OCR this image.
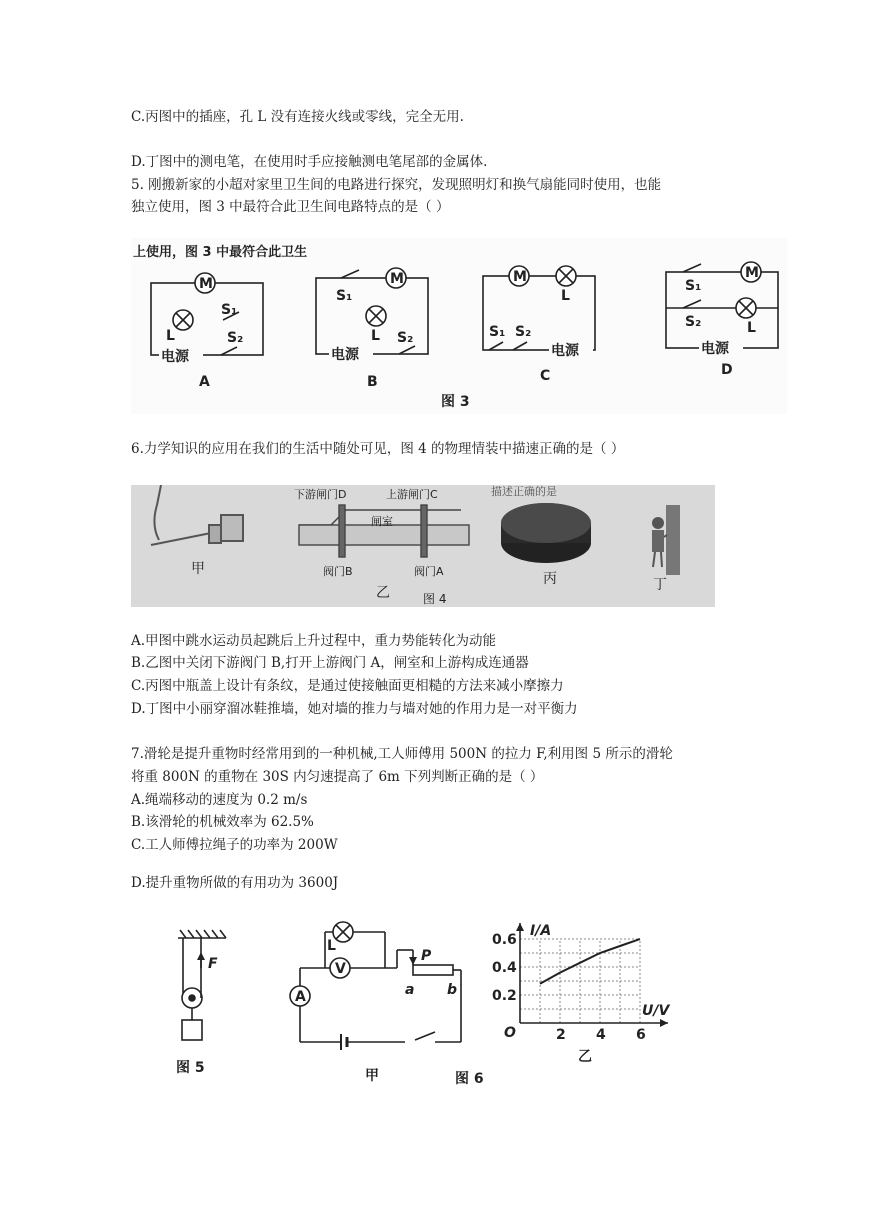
C.丙图中的插座，孔 L 没有连接火线或零线，完全无用.
D.丁图中的测电笔，在使用时手应接触测电笔尾部的金属体.
5. 刚搬新家的小超对家里卫生间的电路进行探究，发现照明灯和换气扇能同时使用，也能
独立使用，图 3 中最符合此卫生间电路特点的是（ ）
上使用，图 3 中最符合此卫生
M
S₁
L	S₂
电源
A
M
S₁
L S₂
电源
B
M
L
S₁ S₂
电源
C
M
S₁
S₂	L
电源
D
图 3
6.力学知识的应用在我们的生活中随处可见，图 4 的物理情装中描速正确的是（ ）
甲
下游闸门D	上游闸门C
闸室
阀门B	阀门A
乙
描述正确的是
丙	丁
图 4
A.甲图中跳水运动员起跳后上升过程中，重力势能转化为动能
B.乙图中关闭下游阀门 B,打开上游阀门 A，闸室和上游构成连通器
C.丙图中瓶盖上设计有条纹，是通过使接触面更相糙的方法来减小摩擦力
D.丁图中小丽穿溜冰鞋推墙，她对墙的推力与墙对她的作用力是一对平衡力
7.滑轮是提升重物时经常用到的一种机械,工人师傅用 500N 的拉力 F,利用图 5 所示的滑轮
将重 800N 的重物在 30S 内匀速提高了 6m 下列判断正确的是（ ）
A.绳端移动的速度为 0.2 m/s
B.该滑轮的机械效率为 62.5%
C.工人师傅拉绳子的功率为 200W
D.提升重物所做的有用功为 3600J
F
图 5
L
V
A
P
a b
甲	图 6
2 4 6
0.2
0.4
0.6
I/A
U/V
O
乙
